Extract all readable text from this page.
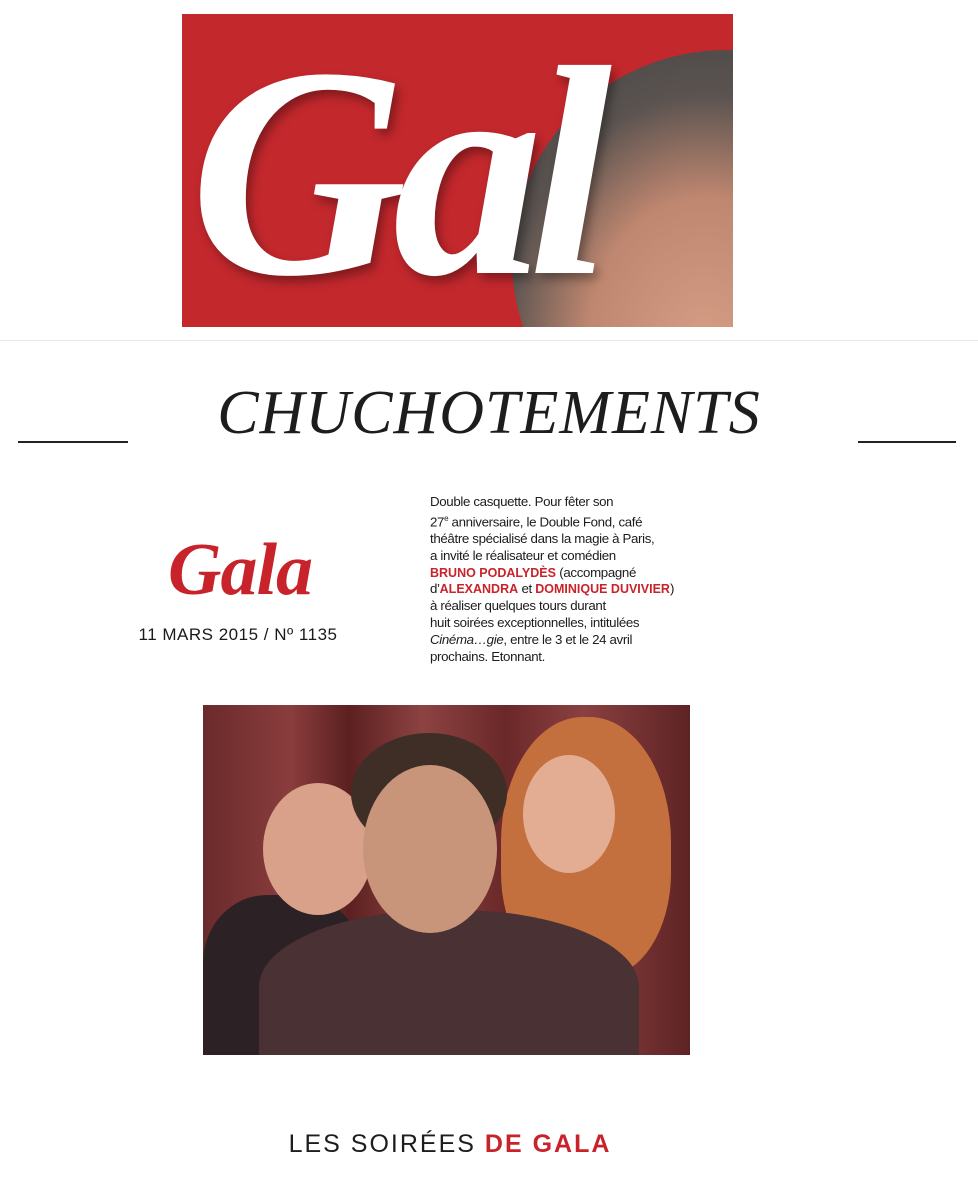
Gal
CHUCHOTEMENTS
Gala
11 MARS 2015 / Nº 1135
Double casquette. Pour fêter son
27e anniversaire, le Double Fond, café
théâtre spécialisé dans la magie à Paris,
a invité le réalisateur et comédien
BRUNO PODALYDÈS (accompagné
d’ALEXANDRA et DOMINIQUE DUVIVIER)
à réaliser quelques tours durant
huit soirées exceptionnelles, intitulées
Cinéma…gie, entre le 3 et le 24 avril
prochains. Etonnant.
LES SOIRÉES DE GALA
